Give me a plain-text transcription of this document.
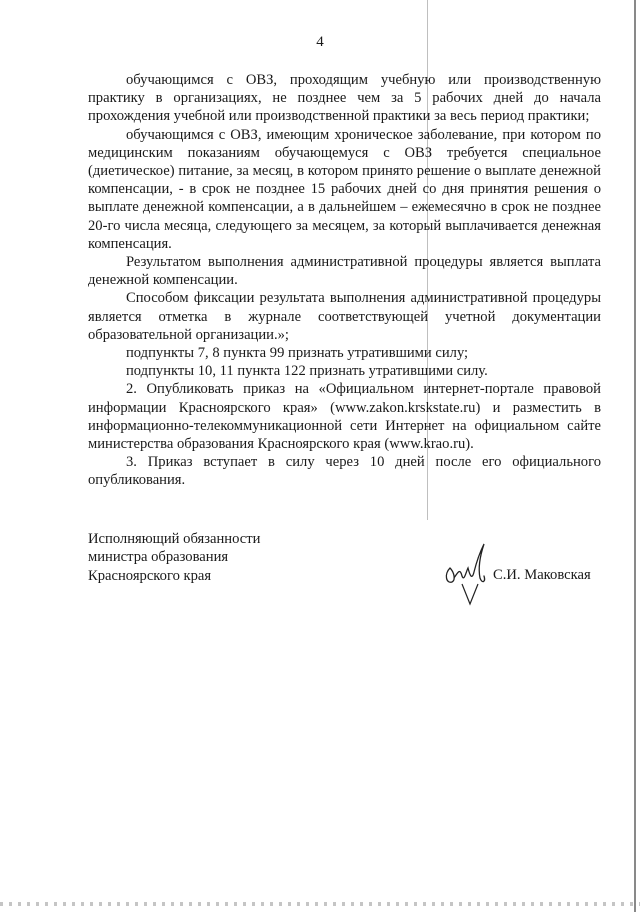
4

обучающимся с ОВЗ, проходящим учебную или производственную практику в организациях, не позднее чем за 5 рабочих дней до начала прохождения учебной или производственной практики за весь период практики;

обучающимся с ОВЗ, имеющим хроническое заболевание, при котором по медицинским показаниям обучающемуся с ОВЗ требуется специальное (диетическое) питание, за месяц, в котором принято решение о выплате денежной компенсации, - в срок не позднее 15 рабочих дней со дня принятия решения о выплате денежной компенсации, а в дальнейшем – ежемесячно в срок не позднее 20-го числа месяца, следующего за месяцем, за который выплачивается денежная компенсация.

Результатом выполнения административной процедуры является выплата денежной компенсации.

Способом фиксации результата выполнения административной процедуры является отметка в журнале соответствующей учетной документации образовательной организации.»;

подпункты 7, 8 пункта 99 признать утратившими силу;

подпункты 10, 11 пункта 122 признать утратившими силу.

2. Опубликовать приказ на «Официальном интернет-портале правовой информации Красноярского края» (www.zakon.krskstate.ru) и разместить в информационно-телекоммуникационной сети Интернет на официальном сайте министерства образования Красноярского края (www.krao.ru).

3. Приказ вступает в силу через 10 дней после его официального опубликования.

Исполняющий обязанности
министра образования
Красноярского края	С.И. Маковская
